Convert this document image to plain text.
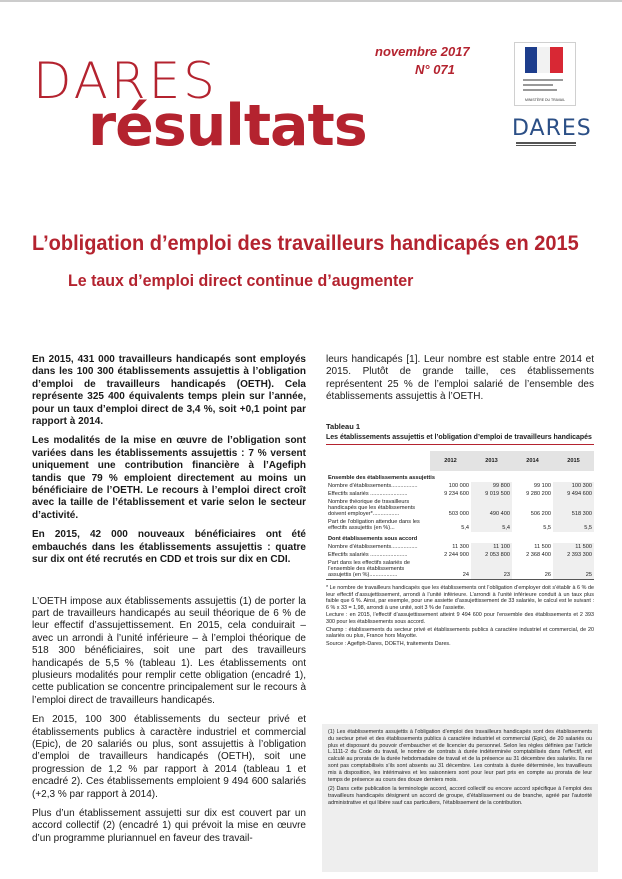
DARES
résultats
novembre 2017
N° 071
MINISTÈRE DU TRAVAIL
DARES
L’obligation d’emploi des travailleurs handicapés en 2015
Le taux d’emploi direct continue d’augmenter

En 2015, 431 000 travailleurs handicapés sont employés dans les 100 300 établissements assujettis à l’obligation d’emploi de travailleurs handicapés (OETH). Cela représente 325 400 équivalents temps plein sur l’année, pour un taux d’emploi direct de 3,4 %, soit +0,1 point par rapport à 2014.

Les modalités de la mise en œuvre de l’obligation sont variées dans les établissements assujettis : 7 % versent uniquement une contribution financière à l’Agefiph tandis que 79 % emploient directement au moins un bénéficiaire de l’OETH. Le recours à l’emploi direct croît avec la taille de l’établissement et varie selon le secteur d’activité.

En 2015, 42 000 nouveaux bénéficiaires ont été embauchés dans les établissements assujettis : quatre sur dix ont été recrutés en CDD et trois sur dix en CDI.

L’OETH impose aux établissements assujettis (1) de porter la part de travailleurs handicapés au seuil théorique de 6 % de leur effectif d’assujettissement. En 2015, cela conduirait – avec un arrondi à l’unité inférieure – à l’emploi théorique de 518 300 bénéficiaires, soit une part des travailleurs handicapés de 5,5 % (tableau 1). Les établissements ont plusieurs modalités pour remplir cette obligation (encadré 1), cette publication se concentre principalement sur le recours à l’emploi direct de travailleurs handicapés.

En 2015, 100 300 établissements du secteur privé et établissements publics à caractère industriel et commercial (Epic), de 20 salariés ou plus, sont assujettis à l’obligation d’emploi de travailleurs handicapés (OETH), soit une progression de 1,2 % par rapport à 2014 (tableau 1 et encadré 2). Ces établissements emploient 9 494 600 salariés (+2,3 % par rapport à 2014).

Plus d’un établissement assujetti sur dix est couvert par un accord collectif (2) (encadré 1) qui prévoit la mise en œuvre d’un programme pluriannuel en faveur des travail-

leurs handicapés [1]. Leur nombre est stable entre 2014 et 2015. Plutôt de grande taille, ces établissements représentent 25 % de l’emploi salarié de l’ensemble des établissements assujettis à l’OETH.

Tableau 1
Les établissements assujettis et l’obligation d’emploi de travailleurs handicapés
	2012	2013	2014	2015
Ensemble des établissements assujettis				
Nombre d’établissements.................	100 000	99 800	99 100	100 300
Effectifs salariés ........................	9 234 600	9 019 500	9 280 200	9 494 600
Nombre théorique de travailleurs handicapés que les établissements doivent employer*.................	503 000	490 400	506 200	518 300
Part de l’obligation attendue dans les effectifs assujettis (en %)...	5,4	5,4	5,5	5,5
Dont établissements sous accord				
Nombre d’établissements.................	11 300	11 100	11 500	11 500
Effectifs salariés ........................	2 244 900	2 053 800	2 368 400	2 393 300
Part dans les effectifs salariés de l’ensemble des établissements assujettis (en %)..................	24	23	26	25

* Le nombre de travailleurs handicapés que les établissements ont l’obligation d’employer doit s’établir à 6 % de leur effectif d’assujettissement, arrondi à l’unité inférieure. L’arrondi à l’unité inférieure conduit à un taux plus faible que 6 %. Ainsi, par exemple, pour une assiette d’assujettissement de 33 salariés, le calcul est le suivant : 6 % x 33 = 1,98, arrondi à une unité, soit 3 % de l’assiette.

Lecture : en 2015, l’effectif d’assujettissement atteint 9 494 600 pour l’ensemble des établissements et 2 393 300 pour les établissements sous accord.

Champ : établissements du secteur privé et établissements publics à caractère industriel et commercial, de 20 salariés ou plus, France hors Mayotte.

Source : Agefiph-Dares, DOETH, traitements Dares.

(1) Les établissements assujettis à l’obligation d’emploi des travailleurs handicapés sont des établissements du secteur privé et des établissements publics à caractère industriel et commercial (Epic), de 20 salariés ou plus et disposant du pouvoir d’embaucher et de licencier du personnel. Selon les règles définies par l’article L.1111-2 du Code du travail, le nombre de contrats à durée indéterminée comptabilisés dans l’effectif, est calculé au prorata de la durée hebdomadaire de travail et de la présence au 31 décembre des salariés. Ils ne sont pas comptabilisés s’ils sont absents au 31 décembre. Les contrats à durée déterminée, les travailleurs mis à disposition, les intérimaires et les saisonniers sont pour leur part pris en compte au prorata de leur temps de présence au cours des douze derniers mois.

(2) Dans cette publication la terminologie accord, accord collectif ou encore accord spécifique à l’emploi des travailleurs handicapés désignent un accord de groupe, d’établissement ou de branche, agréé par l’autorité administrative et qui libère sauf cas particuliers, l’établissement de la contribution.
